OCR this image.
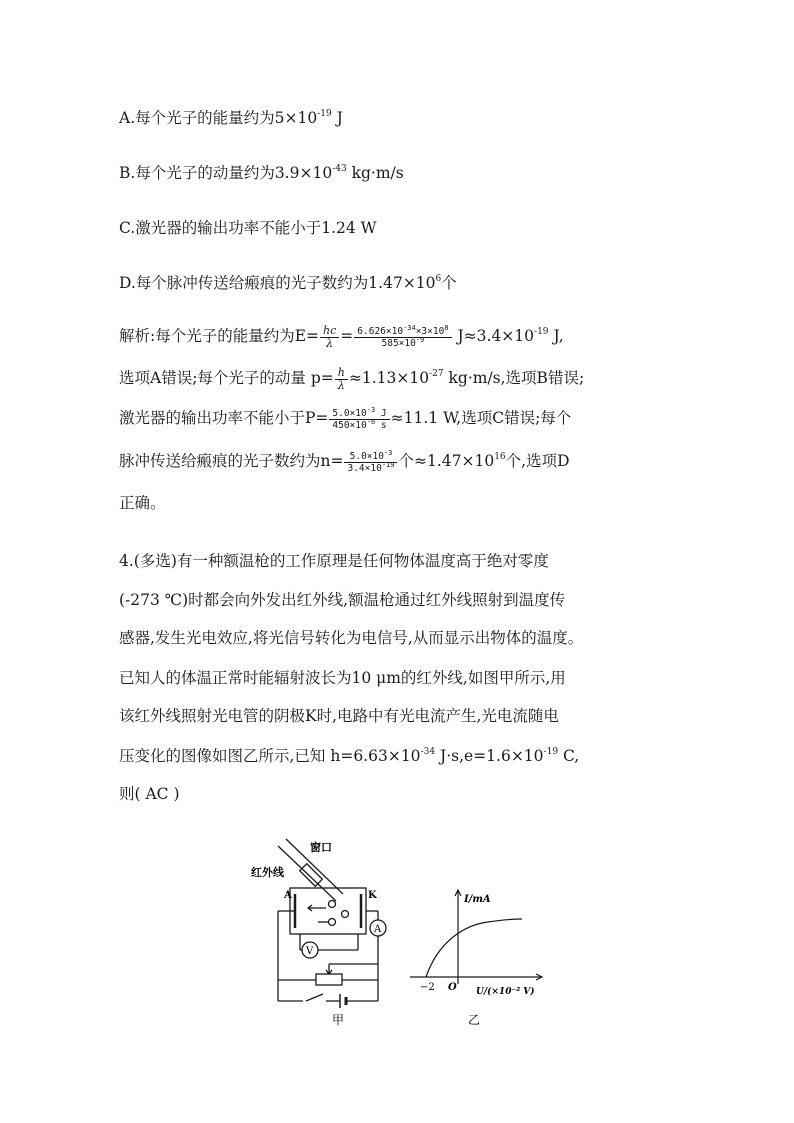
A.每个光子的能量约为$5\times 10^{-19}$ J
B.每个光子的动量约为$3.9\times 10^{-43}$ kg·m/s
C.激光器的输出功率不能小于1.24 W
D.每个脉冲传送给瘢痕的光子数约为$1.47\times 10^6$个
解析:每个光子的能量约为$E= \frac{hc}{\lambda} = \frac{6.626\times 10^{-34}\times 3\times 10^8}{585\times 10^{-9}} J\approx 3.4\times 10^{-19}$ J,
选项A错误;每个光子的动量 $p= \frac{h}{\lambda} \approx 1.13\times 10^{-27}$ kg·m/s,选项B错误;
激光器的输出功率不能小于$P= \frac{5.0\times 10^{-3} J}{450\times 10^{-6} s} \approx 11.1$ W,选项C错误;每个
脉冲传送给瘢痕的光子数约为$n= \frac{5.0\times 10^{-3}}{3.4\times 10^{-19}}$ 个$\approx 1.47\times 10^{16}$个,选项D
正确。
4.(多选)有一种额温枪的工作原理是任何物体温度高于绝对零度
(-273 ℃)时都会向外发出红外线,额温枪通过红外线照射到温度传
感器,发生光电效应,将光信号转化为电信号,从而显示出物体的温度。
已知人的体温正常时能辐射波长为10 μm的红外线,如图甲所示,用
该红外线照射光电管的阴极K时,电路中有光电流产生,光电流随电
压变化的图像如图乙所示,已知 $h=6.63\times 10^{-34}$ $J\cdot s,e=1.6\times 10^{-19}$ C,
则( AC )
窗口
红外线
A	K
A
V
甲
I/mA
O
−2	U/(×10⁻² V)
乙
